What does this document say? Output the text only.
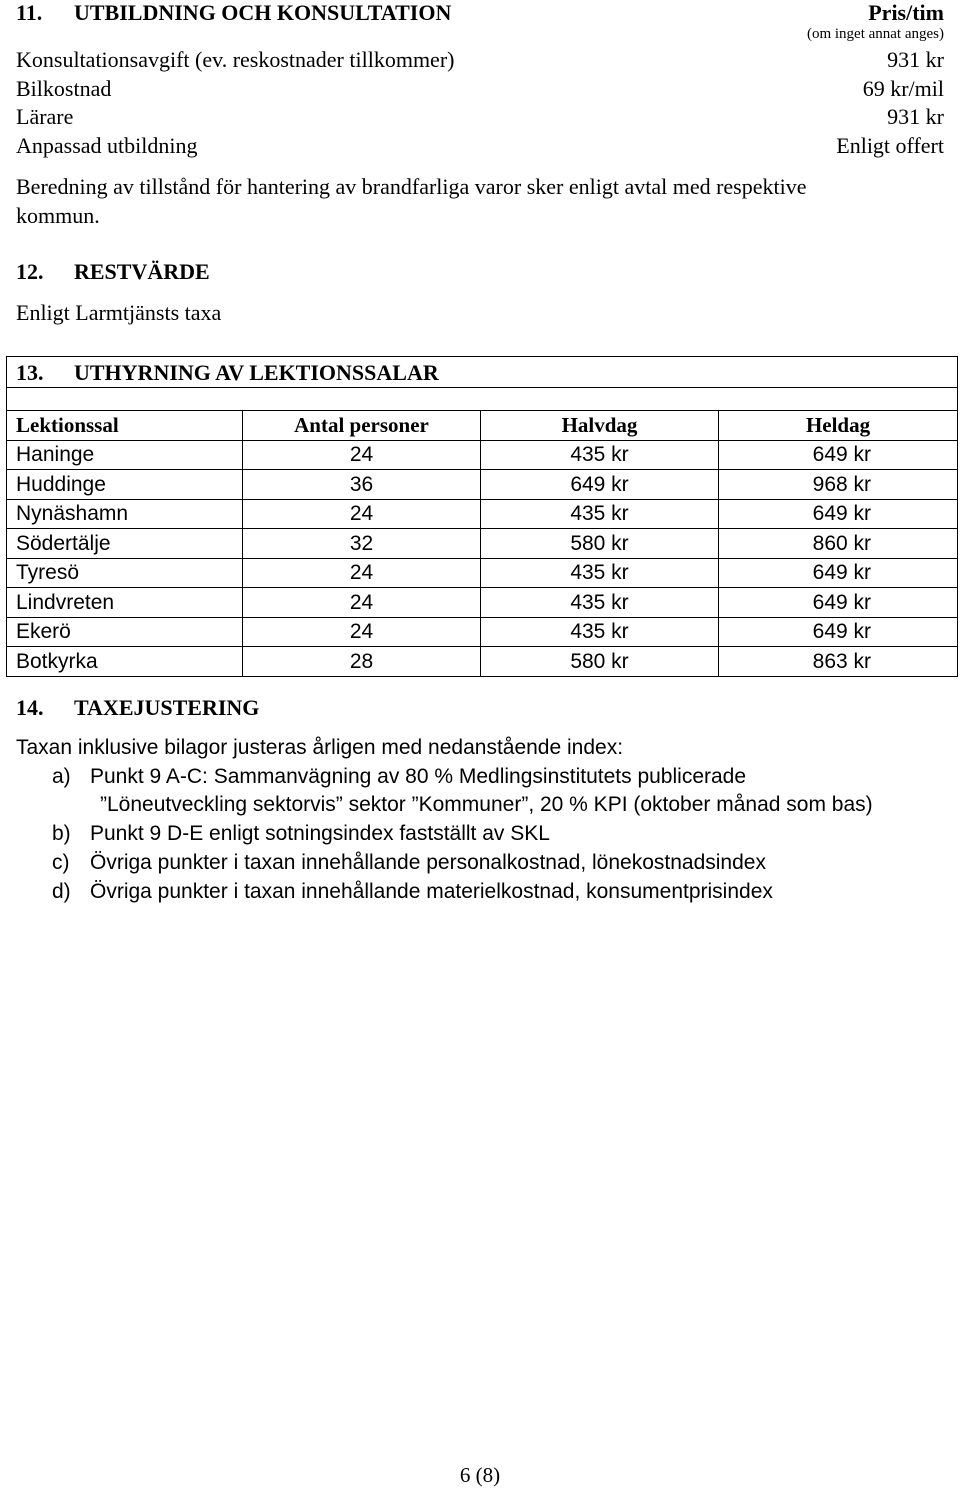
11. UTBILDNING OCH KONSULTATION	Pris/tim
(om inget annat anges)
Konsultationsavgift (ev. reskostnader tillkommer)	931 kr
Bilkostnad	69 kr/mil
Lärare	931 kr
Anpassad utbildning	Enligt offert
Beredning av tillstånd för hantering av brandfarliga varor sker enligt avtal med respektive
kommun.
12. RESTVÄRDE
Enligt Larmtjänsts taxa
13. UTHYRNING AV LEKTIONSSALAR			

Lektionssal	Antal personer	Halvdag	Heldag
Haninge	24	435 kr	649 kr
Huddinge	36	649 kr	968 kr
Nynäshamn	24	435 kr	649 kr
Södertälje	32	580 kr	860 kr
Tyresö	24	435 kr	649 kr
Lindvreten	24	435 kr	649 kr
Ekerö	24	435 kr	649 kr
Botkyrka	28	580 kr	863 kr
14. TAXEJUSTERING
Taxan inklusive bilagor justeras årligen med nedanstående index:
a) Punkt 9 A-C: Sammanvägning av 80 % Medlingsinstitutets publicerade
”Löneutveckling sektorvis” sektor ”Kommuner”, 20 % KPI (oktober månad som bas)
b) Punkt 9 D-E enligt sotningsindex fastställt av SKL
c) Övriga punkter i taxan innehållande personalkostnad, lönekostnadsindex
d) Övriga punkter i taxan innehållande materielkostnad, konsumentprisindex
6 (8)
